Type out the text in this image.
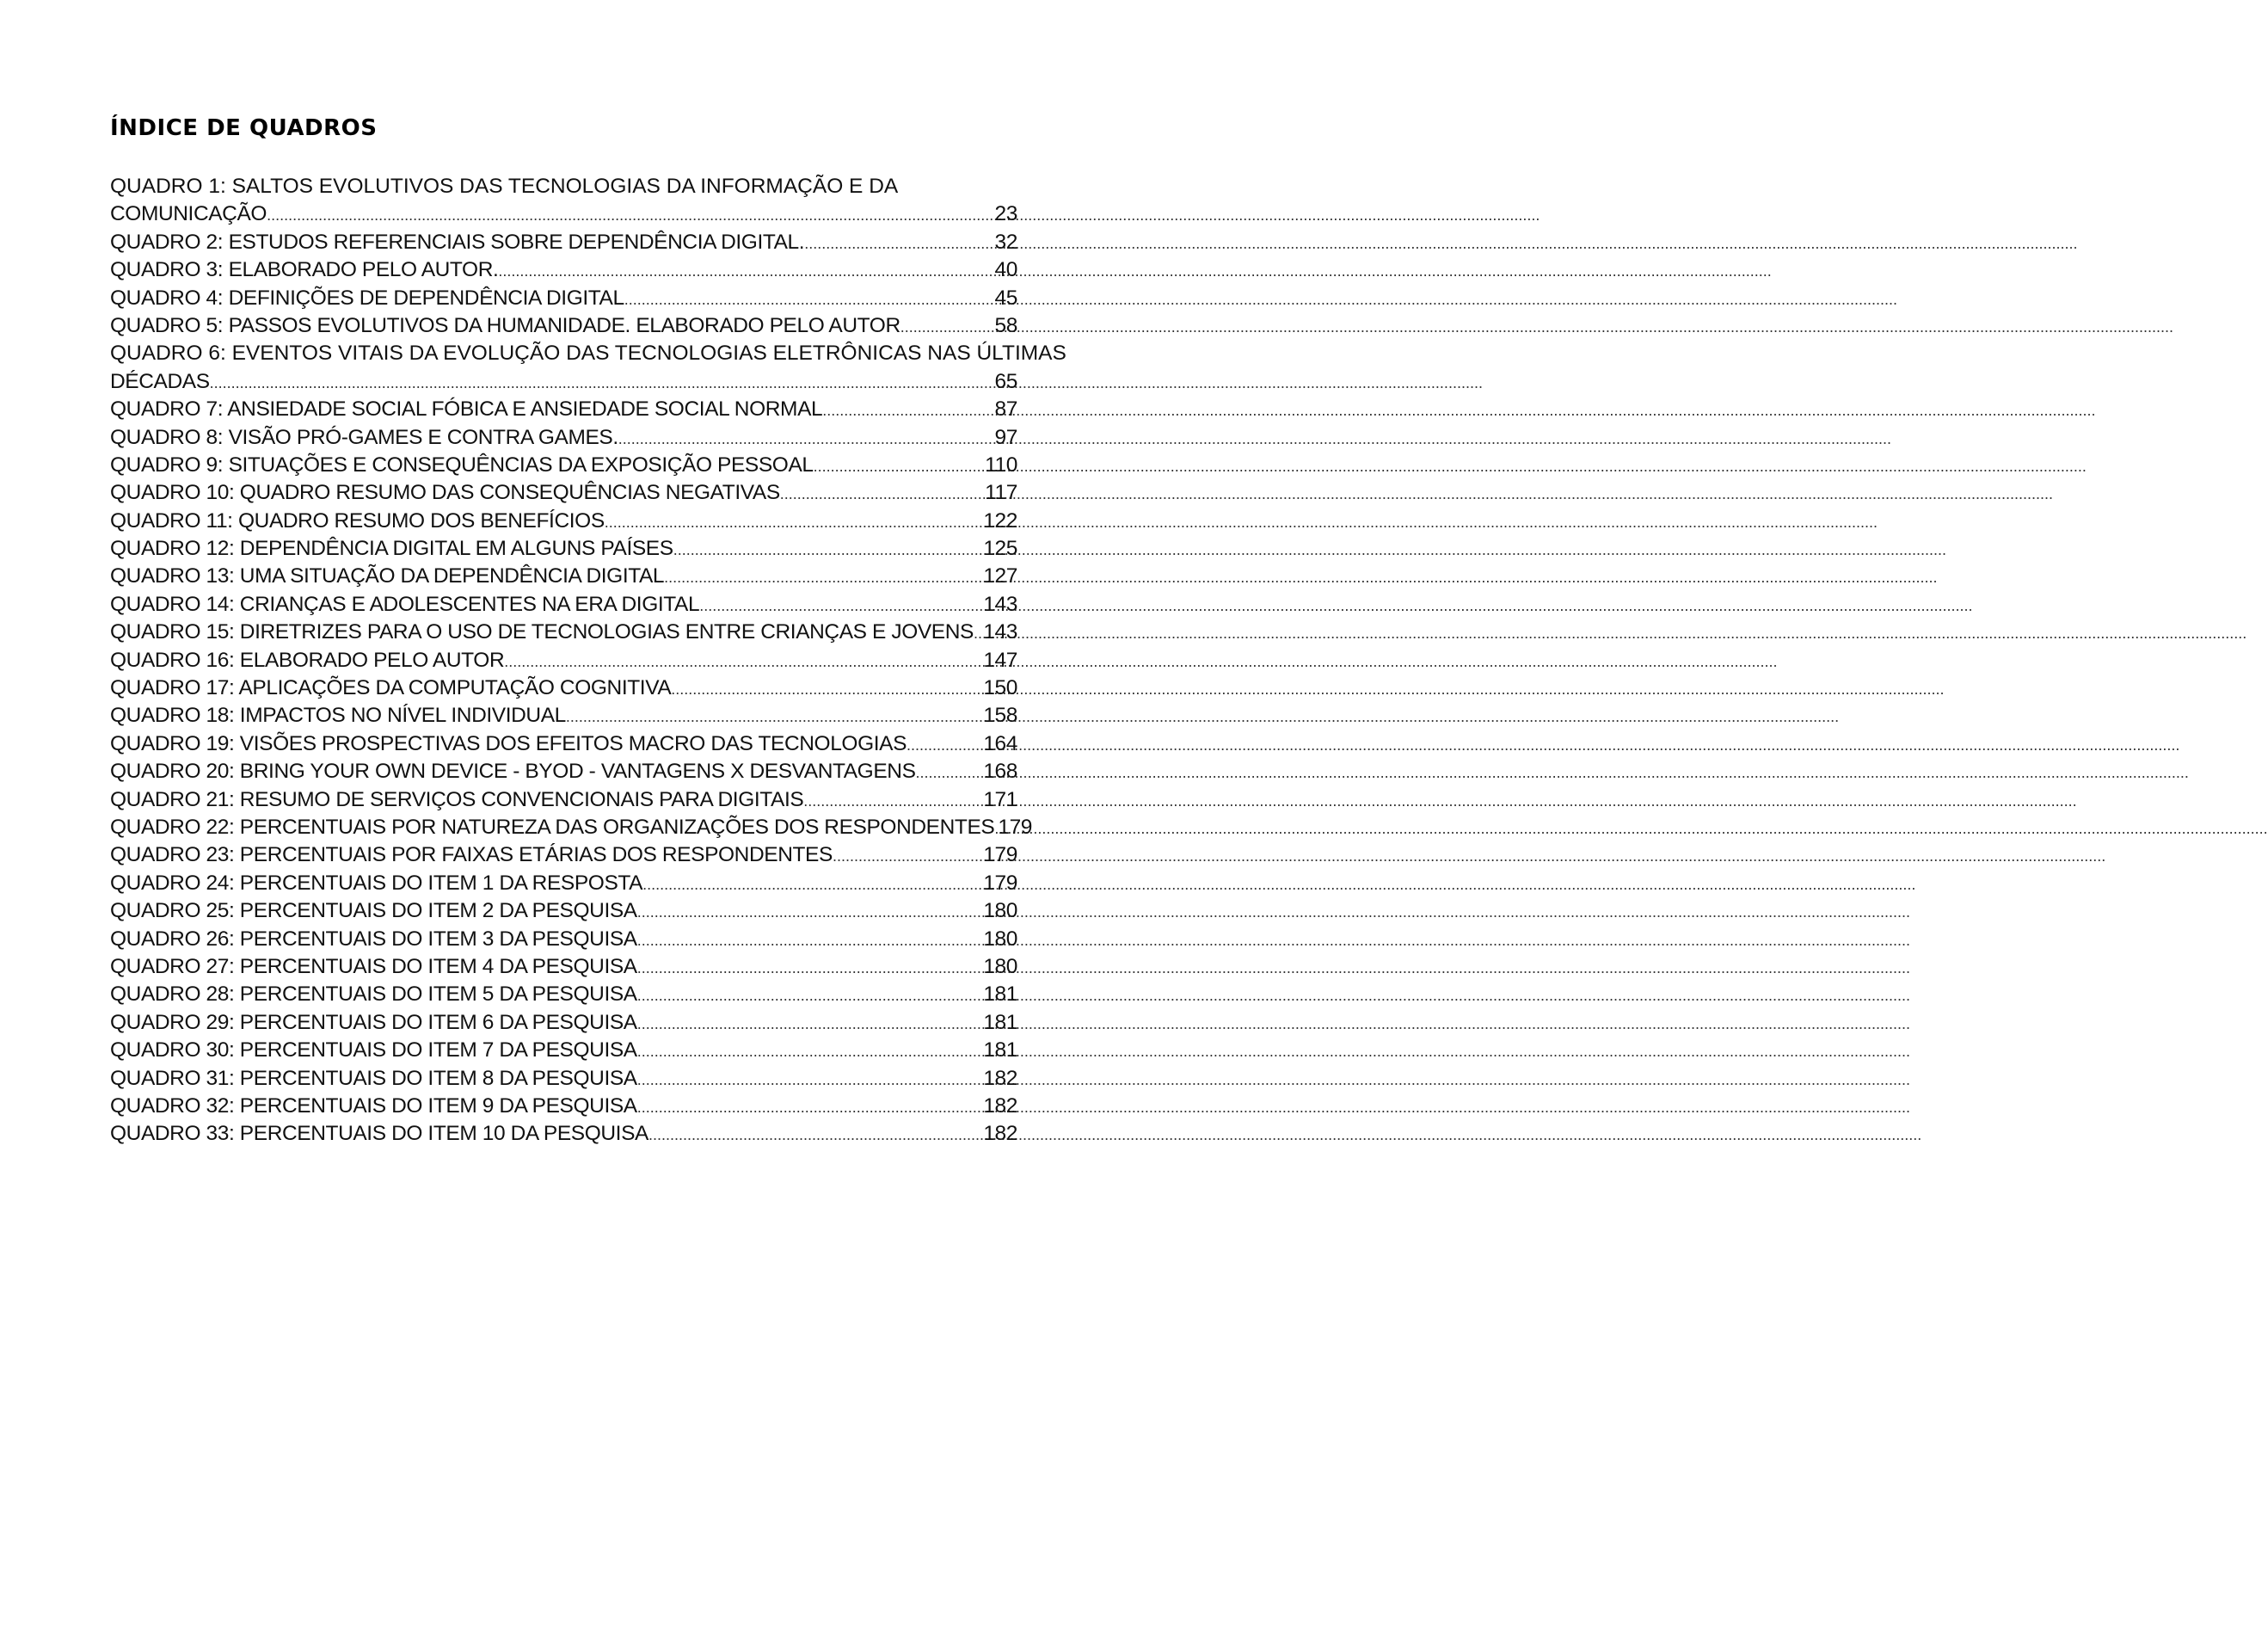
ÍNDICE DE QUADROS
QUADRO 1: SALTOS EVOLUTIVOS DAS TECNOLOGIAS DA INFORMAÇÃO E DA
COMUNICAÇÃO .....	23
QUADRO 2: ESTUDOS REFERENCIAIS SOBRE DEPENDÊNCIA DIGITAL. .....	32
QUADRO 3: ELABORADO PELO AUTOR. .....	40
QUADRO 4: DEFINIÇÕES DE DEPENDÊNCIA DIGITAL .....	45
QUADRO 5: PASSOS EVOLUTIVOS DA HUMANIDADE. ELABORADO PELO AUTOR .....	58
QUADRO 6: EVENTOS VITAIS DA EVOLUÇÃO DAS TECNOLOGIAS ELETRÔNICAS NAS ÚLTIMAS
DÉCADAS .....	65
QUADRO 7: ANSIEDADE SOCIAL FÓBICA E ANSIEDADE SOCIAL NORMAL .....	87
QUADRO 8: VISÃO PRÓ-GAMES E CONTRA GAMES. .....	97
QUADRO 9: SITUAÇÕES E CONSEQUÊNCIAS DA EXPOSIÇÃO PESSOAL .....	110
QUADRO 10: QUADRO RESUMO DAS CONSEQUÊNCIAS NEGATIVAS .....	117
QUADRO 11: QUADRO RESUMO DOS BENEFÍCIOS .....	122
QUADRO 12: DEPENDÊNCIA DIGITAL EM ALGUNS PAÍSES .....	125
QUADRO 13: UMA SITUAÇÃO DA DEPENDÊNCIA DIGITAL .....	127
QUADRO 14: CRIANÇAS E ADOLESCENTES NA ERA DIGITAL .....	143
QUADRO 15: DIRETRIZES PARA O USO DE TECNOLOGIAS ENTRE CRIANÇAS E JOVENS ..... 143
QUADRO 16: ELABORADO PELO AUTOR .....	147
QUADRO 17: APLICAÇÕES DA COMPUTAÇÃO COGNITIVA .....	150
QUADRO 18: IMPACTOS NO NÍVEL INDIVIDUAL .....	158
QUADRO 19: VISÕES PROSPECTIVAS DOS EFEITOS MACRO DAS TECNOLOGIAS .....	164
QUADRO 20: BRING YOUR OWN DEVICE - BYOD - VANTAGENS X DESVANTAGENS .....	168
QUADRO 21: RESUMO DE SERVIÇOS CONVENCIONAIS PARA DIGITAIS .....	171
QUADRO 22: PERCENTUAIS POR NATUREZA DAS ORGANIZAÇÕES DOS RESPONDENTES ..... 179
QUADRO 23: PERCENTUAIS POR FAIXAS ETÁRIAS DOS RESPONDENTES .....	179
QUADRO 24: PERCENTUAIS DO ITEM 1 DA RESPOSTA .....	179
QUADRO 25: PERCENTUAIS DO ITEM 2 DA PESQUISA .....	180
QUADRO 26: PERCENTUAIS DO ITEM 3 DA PESQUISA .....	180
QUADRO 27: PERCENTUAIS DO ITEM 4 DA PESQUISA .....	180
QUADRO 28: PERCENTUAIS DO ITEM 5 DA PESQUISA .....	181
QUADRO 29: PERCENTUAIS DO ITEM 6 DA PESQUISA .....	181
QUADRO 30: PERCENTUAIS DO ITEM 7 DA PESQUISA .....	181
QUADRO 31: PERCENTUAIS DO ITEM 8 DA PESQUISA .....	182
QUADRO 32: PERCENTUAIS DO ITEM 9 DA PESQUISA .....	182
QUADRO 33: PERCENTUAIS DO ITEM 10 DA PESQUISA .....	182
